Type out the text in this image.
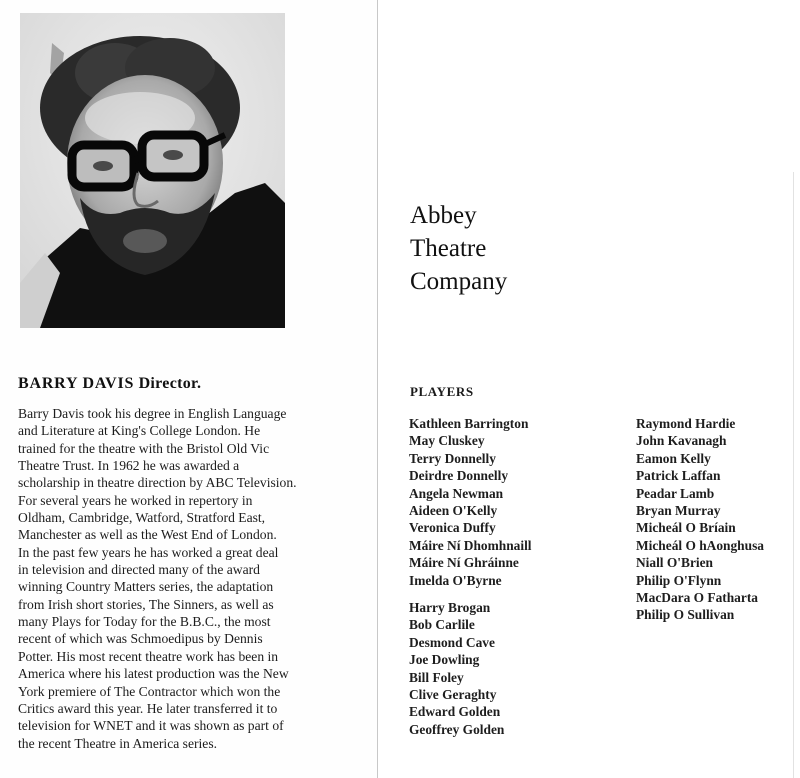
BARRY DAVIS Director.

Barry Davis took his degree in English Language
and Literature at King's College London. He
trained for the theatre with the Bristol Old Vic
Theatre Trust. In 1962 he was awarded a
scholarship in theatre direction by ABC Television.
For several years he worked in repertory in
Oldham, Cambridge, Watford, Stratford East,
Manchester as well as the West End of London.
In the past few years he has worked a great deal
in television and directed many of the award
winning Country Matters series, the adaptation
from Irish short stories, The Sinners, as well as
many Plays for Today for the B.B.C., the most
recent of which was Schmoedipus by Dennis
Potter. His most recent theatre work has been in
America where his latest production was the New
York premiere of The Contractor which won the
Critics award this year. He later transferred it to
television for WNET and it was shown as part of
the recent Theatre in America series.

Abbey
Theatre
Company
PLAYERS
Kathleen Barrington
May Cluskey
Terry Donnelly
Deirdre Donnelly
Angela Newman
Aideen O'Kelly
Veronica Duffy
Máire Ní Dhomhnaill
Máire Ní Ghráinne
Imelda O'Byrne
Harry Brogan
Bob Carlile
Desmond Cave
Joe Dowling
Bill Foley
Clive Geraghty
Edward Golden
Geoffrey Golden
Raymond Hardie
John Kavanagh
Eamon Kelly
Patrick Laffan
Peadar Lamb
Bryan Murray
Micheál O Bríain
Micheál O hAonghusa
Niall O'Brien
Philip O'Flynn
MacDara O Fatharta
Philip O Sullivan
